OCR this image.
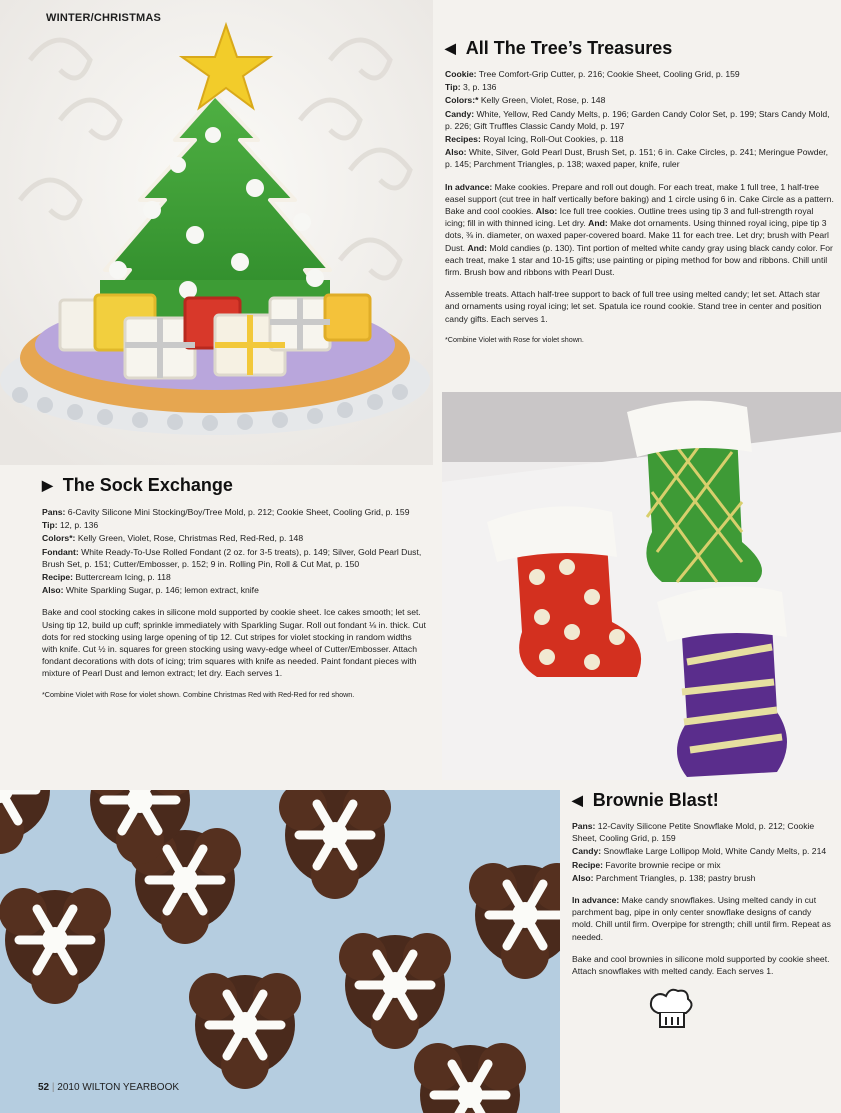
WINTER/CHRISTMAS
◀ All The Tree’s Treasures

Cookie: Tree Comfort-Grip Cutter, p. 216; Cookie Sheet, Cooling Grid, p. 159

Tip: 3, p. 136

Colors:* Kelly Green, Violet, Rose, p. 148

Candy: White, Yellow, Red Candy Melts, p. 196; Garden Candy Color Set, p. 199; Stars Candy Mold, p. 226; Gift Truffles Classic Candy Mold, p. 197

Recipes: Royal Icing, Roll-Out Cookies, p. 118

Also: White, Silver, Gold Pearl Dust, Brush Set, p. 151; 6 in. Cake Circles, p. 241; Meringue Powder, p. 145; Parchment Triangles, p. 138; waxed paper, knife, ruler

In advance: Make cookies. Prepare and roll out dough. For each treat, make 1 full tree, 1 half-tree easel support (cut tree in half vertically before baking) and 1 circle using 6 in. Cake Circle as a pattern. Bake and cool cookies. Also: Ice full tree cookies. Outline trees using tip 3 and full-strength royal icing; fill in with thinned icing. Let dry. And: Make dot ornaments. Using thinned royal icing, pipe tip 3 dots, ⅜ in. diameter, on waxed paper-covered board. Make 11 for each tree. Let dry; brush with Pearl Dust. And: Mold candies (p. 130). Tint portion of melted white candy gray using black candy color. For each treat, make 1 star and 10-15 gifts; use painting or piping method for bow and ribbons. Chill until firm. Brush bow and ribbons with Pearl Dust.

Assemble treats. Attach half-tree support to back of full tree using melted candy; let set. Attach star and ornaments using royal icing; let set. Spatula ice round cookie. Stand tree in center and position candy gifts. Each serves 1.

*Combine Violet with Rose for violet shown.

▶ The Sock Exchange

Pans: 6-Cavity Silicone Mini Stocking/Boy/Tree Mold, p. 212; Cookie Sheet, Cooling Grid, p. 159

Tip: 12, p. 136

Colors*: Kelly Green, Violet, Rose, Christmas Red, Red-Red, p. 148

Fondant: White Ready-To-Use Rolled Fondant (2 oz. for 3-5 treats), p. 149; Silver, Gold Pearl Dust, Brush Set, p. 151; Cutter/Embosser, p. 152; 9 in. Rolling Pin, Roll & Cut Mat, p. 150

Recipe: Buttercream Icing, p. 118

Also: White Sparkling Sugar, p. 146; lemon extract, knife

Bake and cool stocking cakes in silicone mold supported by cookie sheet. Ice cakes smooth; let set. Using tip 12, build up cuff; sprinkle immediately with Sparkling Sugar. Roll out fondant ⅛ in. thick. Cut dots for red stocking using large opening of tip 12. Cut stripes for violet stocking in random widths with knife. Cut ½ in. squares for green stocking using wavy-edge wheel of Cutter/Embosser. Attach fondant decorations with dots of icing; trim squares with knife as needed. Paint fondant pieces with mixture of Pearl Dust and lemon extract; let dry. Each serves 1.

*Combine Violet with Rose for violet shown. Combine Christmas Red with Red-Red for red shown.

◀ Brownie Blast!

Pans: 12-Cavity Silicone Petite Snowflake Mold, p. 212; Cookie Sheet, Cooling Grid, p. 159

Candy: Snowflake Large Lollipop Mold, White Candy Melts, p. 214

Recipe: Favorite brownie recipe or mix

Also: Parchment Triangles, p. 138; pastry brush

In advance: Make candy snowflakes. Using melted candy in cut parchment bag, pipe in only center snowflake designs of candy mold. Chill until firm. Overpipe for strength; chill until firm. Repeat as needed.

Bake and cool brownies in silicone mold supported by cookie sheet. Attach snowflakes with melted candy. Each serves 1.

52 | 2010 WILTON YEARBOOK
